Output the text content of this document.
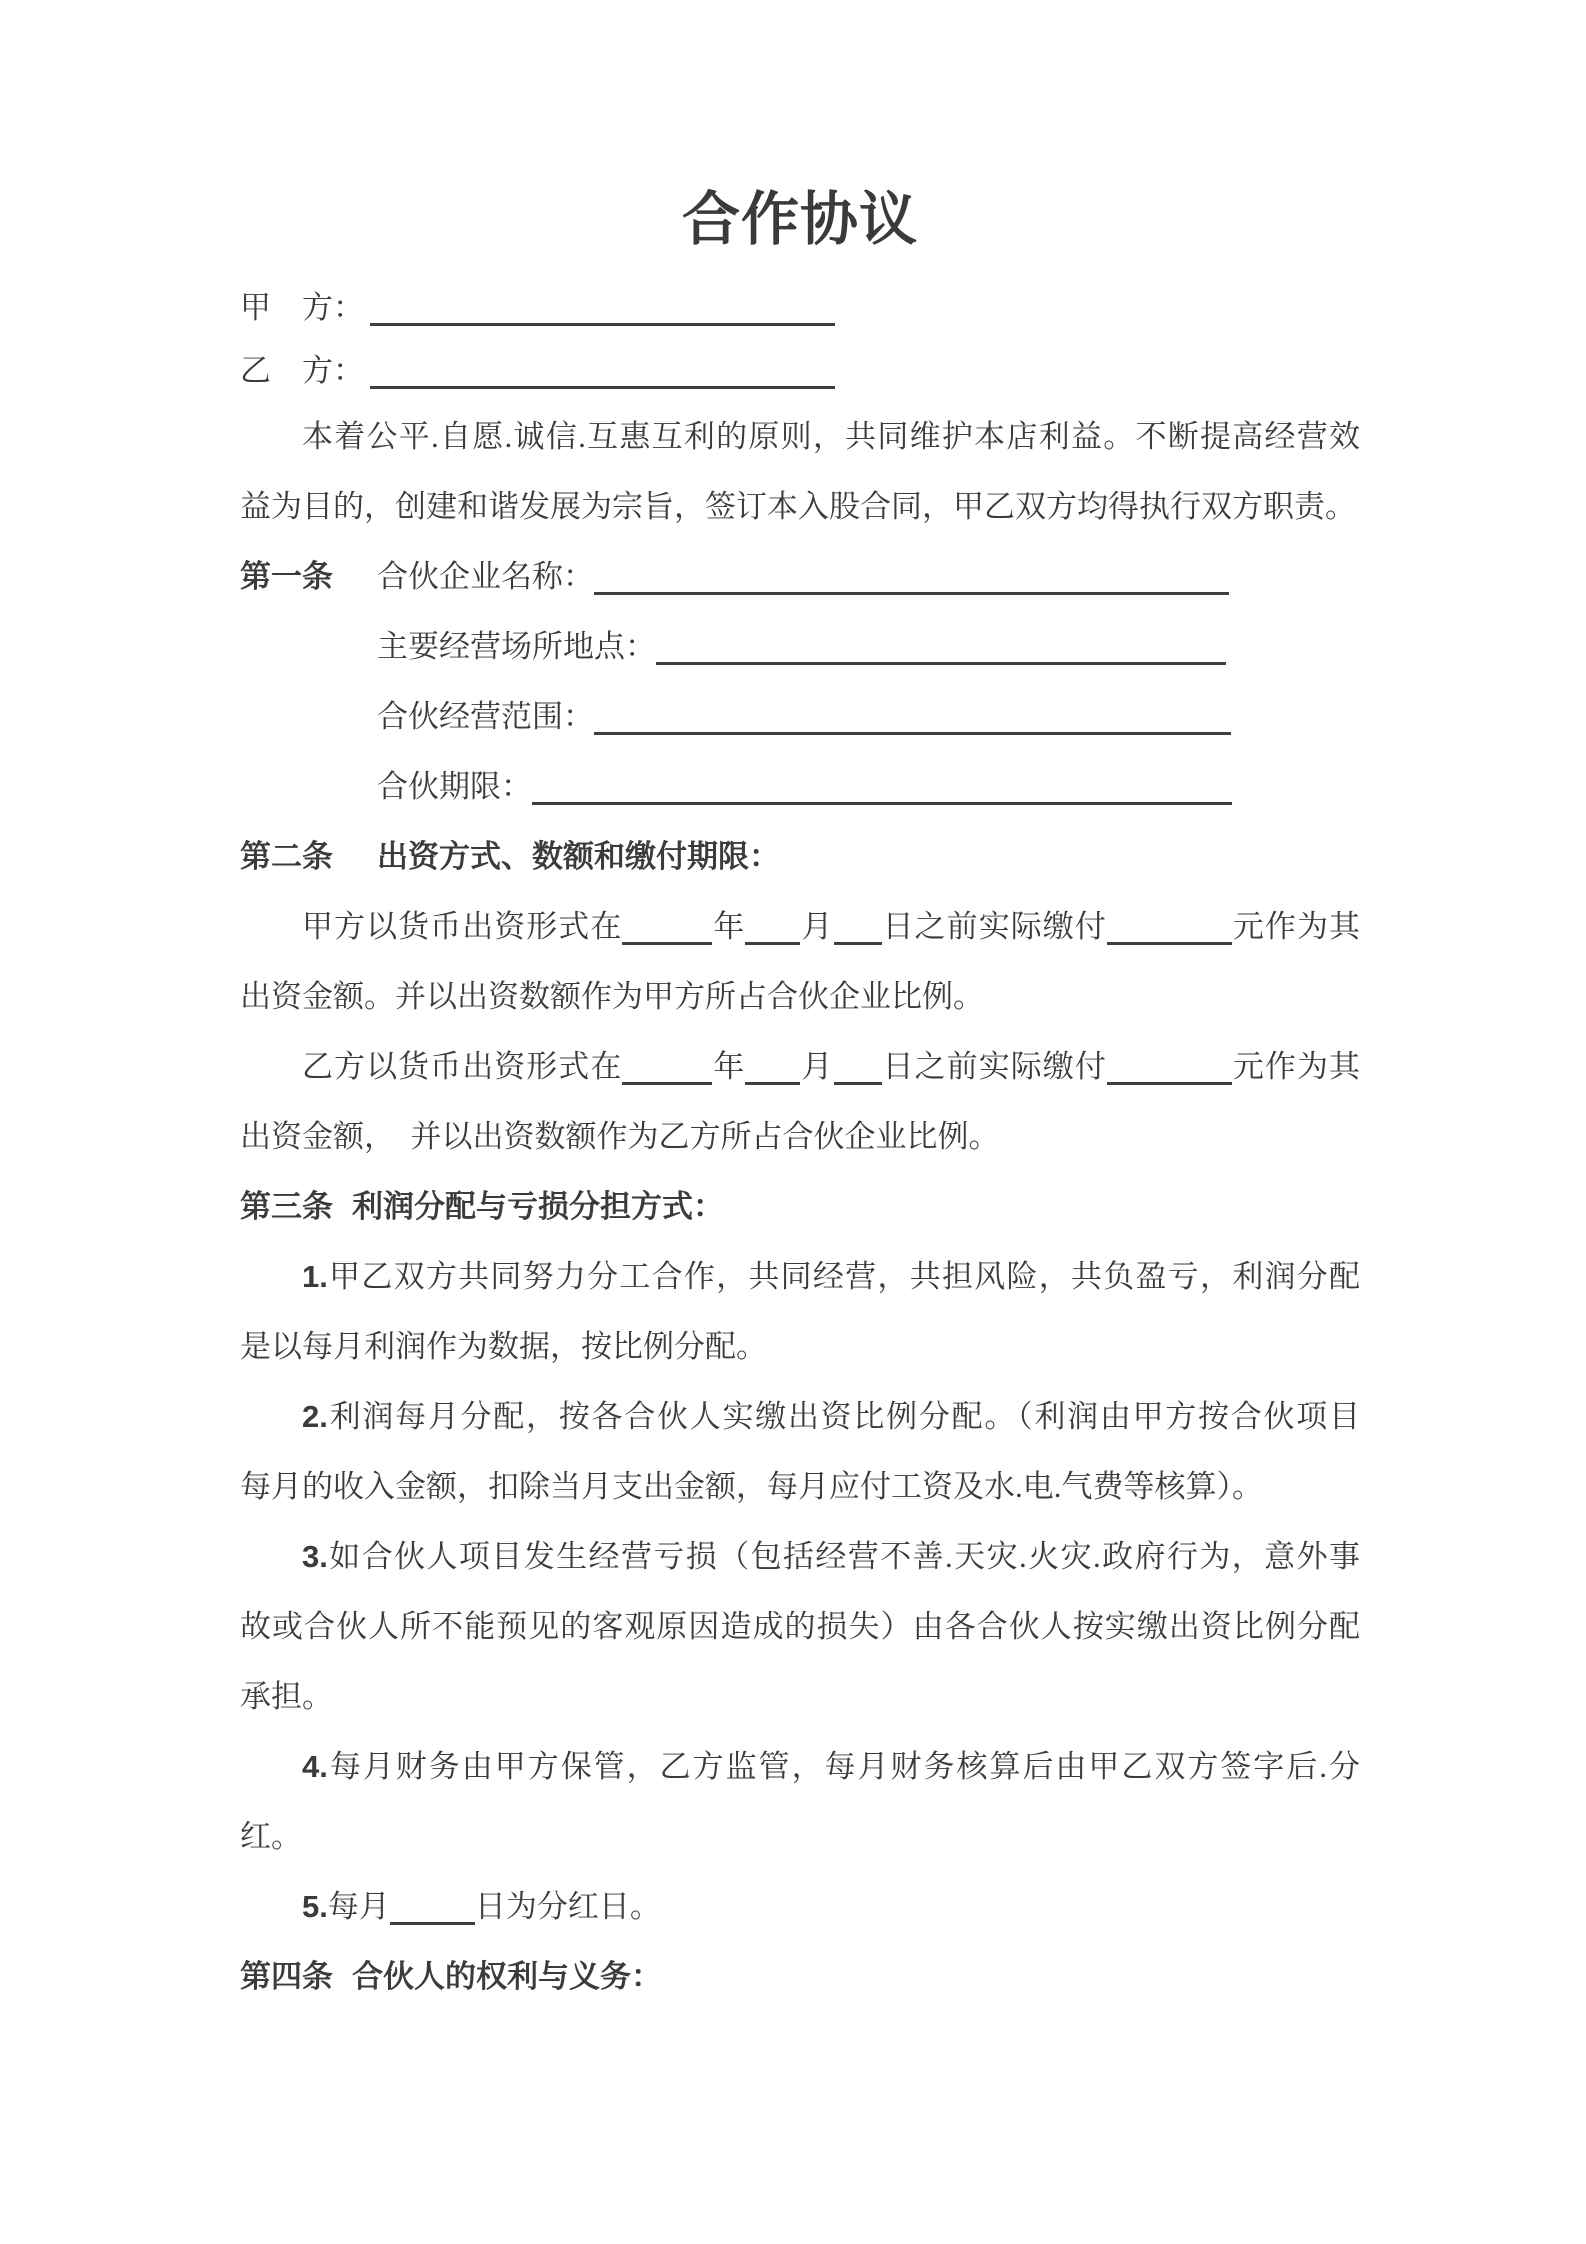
合作协议
甲　方：
乙　方：
本着公平.自愿.诚信.互惠互利的原则，共同维护本店利益。不断提高经营效
益为目的，创建和谐发展为宗旨，签订本入股合同，甲乙双方均得执行双方职责。
第一条 合伙企业名称：
主要经营场所地点：
合伙经营范围：
合伙期限：
第二条 出资方式、数额和缴付期限：
甲方以货币出资形式在	年 月 日之前实际缴付	元作为其
出资金额。并以出资数额作为甲方所占合伙企业比例。
乙方以货币出资形式在	年 月 日之前实际缴付	元作为其
出资金额，　并以出资数额作为乙方所占合伙企业比例。
第三条 利润分配与亏损分担方式：
1.甲乙双方共同努力分工合作，共同经营，共担风险，共负盈亏，利润分配
是以每月利润作为数据，按比例分配。
2.利润每月分配，按各合伙人实缴出资比例分配。（利润由甲方按合伙项目
每月的收入金额，扣除当月支出金额，每月应付工资及水.电.气费等核算）。
3.如合伙人项目发生经营亏损（包括经营不善.天灾.火灾.政府行为，意外事
故或合伙人所不能预见的客观原因造成的损失）由各合伙人按实缴出资比例分配
承担。
4.每月财务由甲方保管，乙方监管，每月财务核算后由甲乙双方签字后.分
红。
5.每月	日为分红日。
第四条 合伙人的权利与义务：
